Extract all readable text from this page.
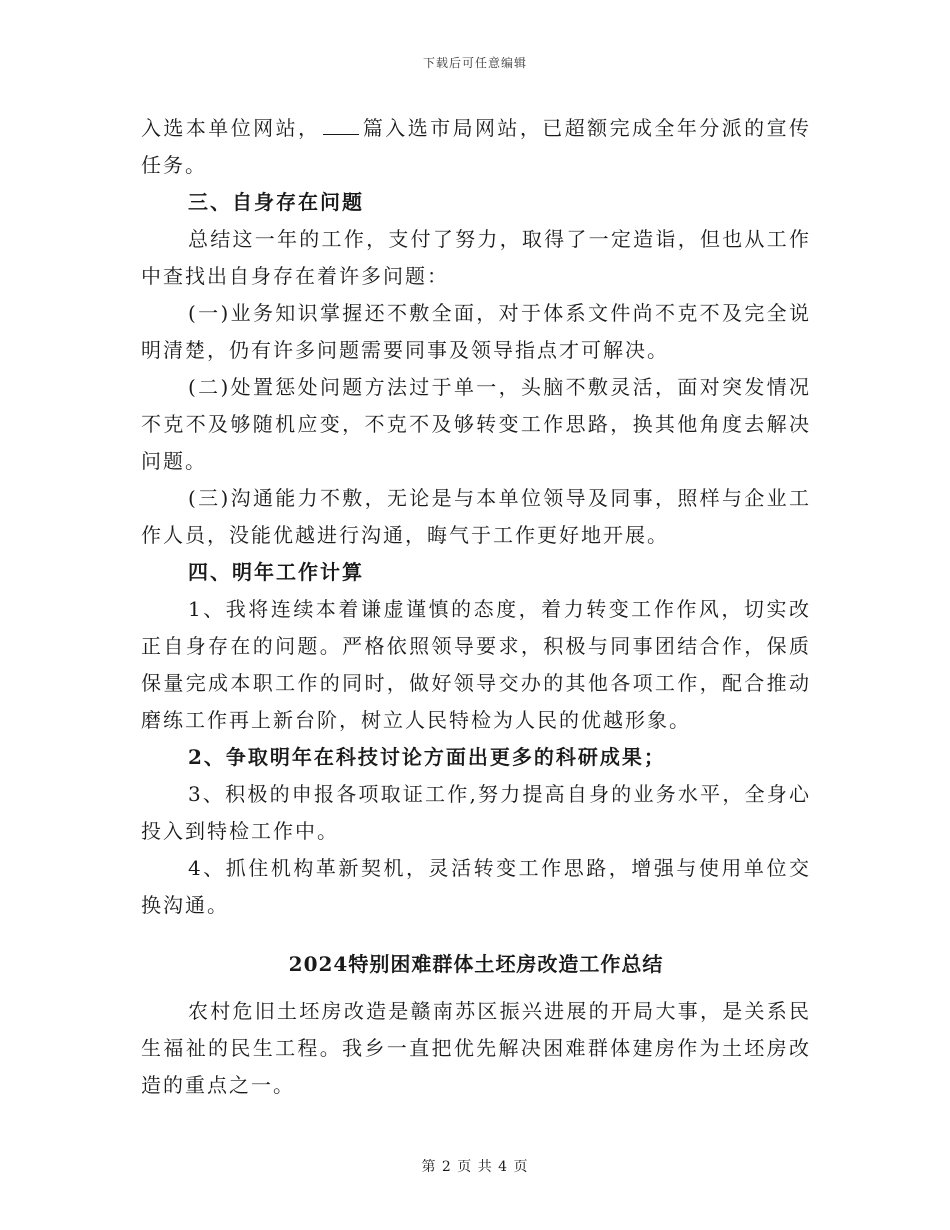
下载后可任意编辑

入选本单位网站， 篇入选市局网站，已超额完成全年分派的宣传任务。

三、自身存在问题

总结这一年的工作，支付了努力，取得了一定造诣，但也从工作中查找出自身存在着许多问题：

(一)业务知识掌握还不敷全面，对于体系文件尚不克不及完全说明清楚，仍有许多问题需要同事及领导指点才可解决。

(二)处置惩处问题方法过于单一，头脑不敷灵活，面对突发情况不克不及够随机应变，不克不及够转变工作思路，换其他角度去解决问题。

(三)沟通能力不敷，无论是与本单位领导及同事，照样与企业工作人员，没能优越进行沟通，晦气于工作更好地开展。

四、明年工作计算

1、我将连续本着谦虚谨慎的态度，着力转变工作作风，切实改正自身存在的问题。严格依照领导要求，积极与同事团结合作，保质保量完成本职工作的同时，做好领导交办的其他各项工作，配合推动磨练工作再上新台阶，树立人民特检为人民的优越形象。

2、争取明年在科技讨论方面出更多的科研成果；

3、积极的申报各项取证工作,努力提高自身的业务水平，全身心投入到特检工作中。

4、抓住机构革新契机，灵活转变工作思路，增强与使用单位交换沟通。

2024特别困难群体土坯房改造工作总结

农村危旧土坯房改造是赣南苏区振兴进展的开局大事，是关系民生福祉的民生工程。我乡一直把优先解决困难群体建房作为土坯房改造的重点之一。

第 2 页 共 4 页
